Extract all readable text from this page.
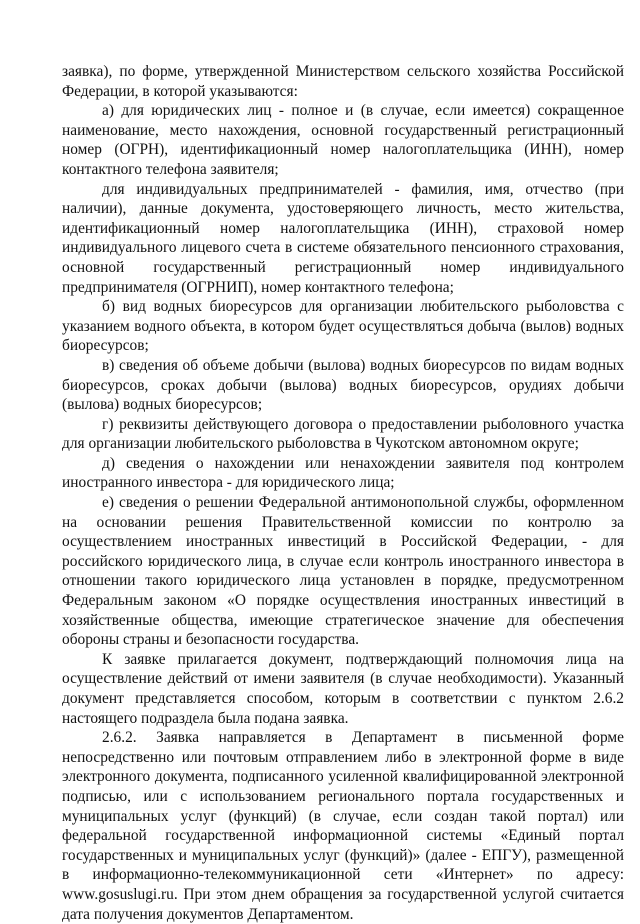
заявка), по форме, утвержденной Министерством сельского хозяйства Российской Федерации, в которой указываются:

а) для юридических лиц - полное и (в случае, если имеется) сокращенное наименование, место нахождения, основной государственный регистрационный номер (ОГРН), идентификационный номер налогоплательщика (ИНН), номер контактного телефона заявителя;

для индивидуальных предпринимателей - фамилия, имя, отчество (при наличии), данные документа, удостоверяющего личность, место жительства, идентификационный номер налогоплательщика (ИНН), страховой номер индивидуального лицевого счета в системе обязательного пенсионного страхования, основной государственный регистрационный номер индивидуального предпринимателя (ОГРНИП), номер контактного телефона;

б) вид водных биоресурсов для организации любительского рыболовства с указанием водного объекта, в котором будет осуществляться добыча (вылов) водных биоресурсов;

в) сведения об объеме добычи (вылова) водных биоресурсов по видам водных биоресурсов, сроках добычи (вылова) водных биоресурсов, орудиях добычи (вылова) водных биоресурсов;

г) реквизиты действующего договора о предоставлении рыболовного участка для организации любительского рыболовства в Чукотском автономном округе;

д) сведения о нахождении или ненахождении заявителя под контролем иностранного инвестора - для юридического лица;

е) сведения о решении Федеральной антимонопольной службы, оформленном на основании решения Правительственной комиссии по контролю за осуществлением иностранных инвестиций в Российской Федерации, - для российского юридического лица, в случае если контроль иностранного инвестора в отношении такого юридического лица установлен в порядке, предусмотренном Федеральным законом «О порядке осуществления иностранных инвестиций в хозяйственные общества, имеющие стратегическое значение для обеспечения обороны страны и безопасности государства.

К заявке прилагается документ, подтверждающий полномочия лица на осуществление действий от имени заявителя (в случае необходимости). Указанный документ представляется способом, которым в соответствии с пунктом 2.6.2 настоящего подраздела была подана заявка.

2.6.2. Заявка направляется в Департамент в письменной форме непосредственно или почтовым отправлением либо в электронной форме в виде электронного документа, подписанного усиленной квалифицированной электронной подписью, или с использованием регионального портала государственных и муниципальных услуг (функций) (в случае, если создан такой портал) или федеральной государственной информационной системы «Единый портал государственных и муниципальных услуг (функций)» (далее - ЕПГУ), размещенной в информационно-телекоммуникационной сети «Интернет» по адресу: www.gosuslugi.ru. При этом днем обращения за государственной услугой считается дата получения документов Департаментом.
